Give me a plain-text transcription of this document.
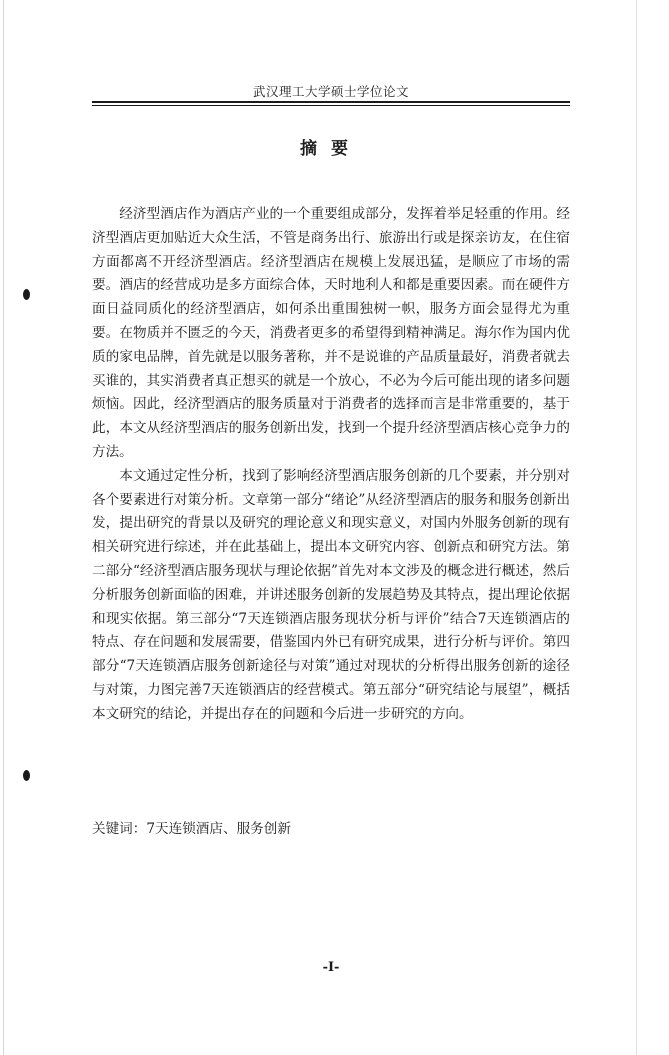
武汉理工大学硕士学位论文
摘要

经济型酒店作为酒店产业的一个重要组成部分，发挥着举足轻重的作用。经济型酒店更加贴近大众生活，不管是商务出行、旅游出行或是探亲访友，在住宿方面都离不开经济型酒店。经济型酒店在规模上发展迅猛，是顺应了市场的需要。酒店的经营成功是多方面综合体，天时地利人和都是重要因素。而在硬件方面日益同质化的经济型酒店，如何杀出重围独树一帜，服务方面会显得尤为重要。在物质并不匮乏的今天，消费者更多的希望得到精神满足。海尔作为国内优质的家电品牌，首先就是以服务著称，并不是说谁的产品质量最好，消费者就去买谁的，其实消费者真正想买的就是一个放心，不必为今后可能出现的诸多问题烦恼。因此，经济型酒店的服务质量对于消费者的选择而言是非常重要的，基于此，本文从经济型酒店的服务创新出发，找到一个提升经济型酒店核心竞争力的方法。

本文通过定性分析，找到了影响经济型酒店服务创新的几个要素，并分别对各个要素进行对策分析。文章第一部分“绪论”从经济型酒店的服务和服务创新出发，提出研究的背景以及研究的理论意义和现实意义，对国内外服务创新的现有相关研究进行综述，并在此基础上，提出本文研究内容、创新点和研究方法。第二部分“经济型酒店服务现状与理论依据”首先对本文涉及的概念进行概述，然后分析服务创新面临的困难，并讲述服务创新的发展趋势及其特点，提出理论依据和现实依据。第三部分“7天连锁酒店服务现状分析与评价”结合7天连锁酒店的特点、存在问题和发展需要，借鉴国内外已有研究成果，进行分析与评价。第四部分“7天连锁酒店服务创新途径与对策”通过对现状的分析得出服务创新的途径与对策，力图完善7天连锁酒店的经营模式。第五部分“研究结论与展望”，概括本文研究的结论，并提出存在的问题和今后进一步研究的方向。

关键词：7天连锁酒店、服务创新
-I-
